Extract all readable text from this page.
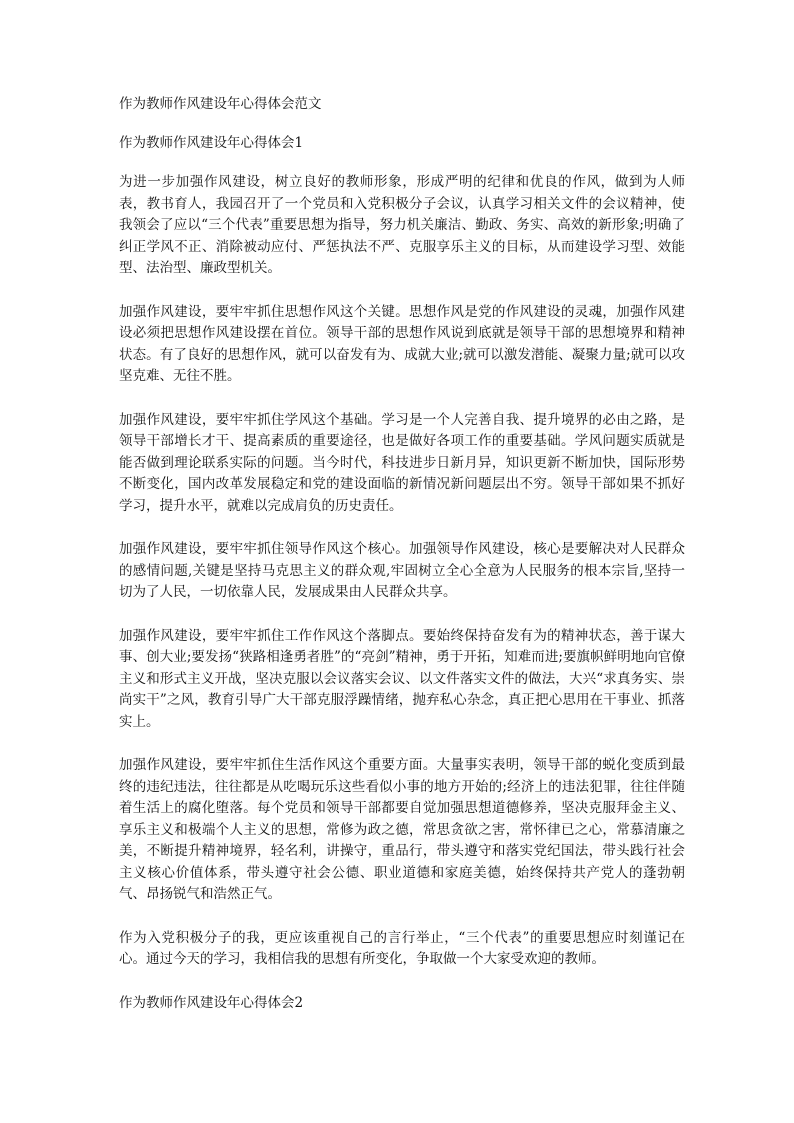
作为教师作风建设年心得体会范文

作为教师作风建设年心得体会1

为进一步加强作风建设，树立良好的教师形象，形成严明的纪律和优良的作风，做到为人师表，教书育人，我园召开了一个党员和入党积极分子会议，认真学习相关文件的会议精神，使我领会了应以“三个代表”重要思想为指导，努力机关廉洁、勤政、务实、高效的新形象;明确了纠正学风不正、消除被动应付、严惩执法不严、克服享乐主义的目标，从而建设学习型、效能型、法治型、廉政型机关。

加强作风建设，要牢牢抓住思想作风这个关键。思想作风是党的作风建设的灵魂，加强作风建设必须把思想作风建设摆在首位。领导干部的思想作风说到底就是领导干部的思想境界和精神状态。有了良好的思想作风，就可以奋发有为、成就大业;就可以激发潜能、凝聚力量;就可以攻坚克难、无往不胜。

加强作风建设，要牢牢抓住学风这个基础。学习是一个人完善自我、提升境界的必由之路，是领导干部增长才干、提高素质的重要途径，也是做好各项工作的重要基础。学风问题实质就是能否做到理论联系实际的问题。当今时代，科技进步日新月异，知识更新不断加快，国际形势不断变化，国内改革发展稳定和党的建设面临的新情况新问题层出不穷。领导干部如果不抓好学习，提升水平，就难以完成肩负的历史责任。

加强作风建设，要牢牢抓住领导作风这个核心。加强领导作风建设，核心是要解决对人民群众的感情问题,关键是坚持马克思主义的群众观,牢固树立全心全意为人民服务的根本宗旨,坚持一切为了人民，一切依靠人民，发展成果由人民群众共享。

加强作风建设，要牢牢抓住工作作风这个落脚点。要始终保持奋发有为的精神状态，善于谋大事、创大业;要发扬“狭路相逢勇者胜”的“亮剑”精神，勇于开拓，知难而进;要旗帜鲜明地向官僚主义和形式主义开战，坚决克服以会议落实会议、以文件落实文件的做法，大兴“求真务实、崇尚实干”之风，教育引导广大干部克服浮躁情绪，抛弃私心杂念，真正把心思用在干事业、抓落实上。

加强作风建设，要牢牢抓住生活作风这个重要方面。大量事实表明，领导干部的蜕化变质到最终的违纪违法，往往都是从吃喝玩乐这些看似小事的地方开始的;经济上的违法犯罪，往往伴随着生活上的腐化堕落。每个党员和领导干部都要自觉加强思想道德修养，坚决克服拜金主义、享乐主义和极端个人主义的思想，常修为政之德，常思贪欲之害，常怀律已之心，常慕清廉之美，不断提升精神境界，轻名利，讲操守，重品行，带头遵守和落实党纪国法，带头践行社会主义核心价值体系，带头遵守社会公德、职业道德和家庭美德，始终保持共产党人的蓬勃朝气、昂扬锐气和浩然正气。

作为入党积极分子的我，更应该重视自己的言行举止，“三个代表”的重要思想应时刻谨记在心。通过今天的学习，我相信我的思想有所变化，争取做一个大家受欢迎的教师。

作为教师作风建设年心得体会2
